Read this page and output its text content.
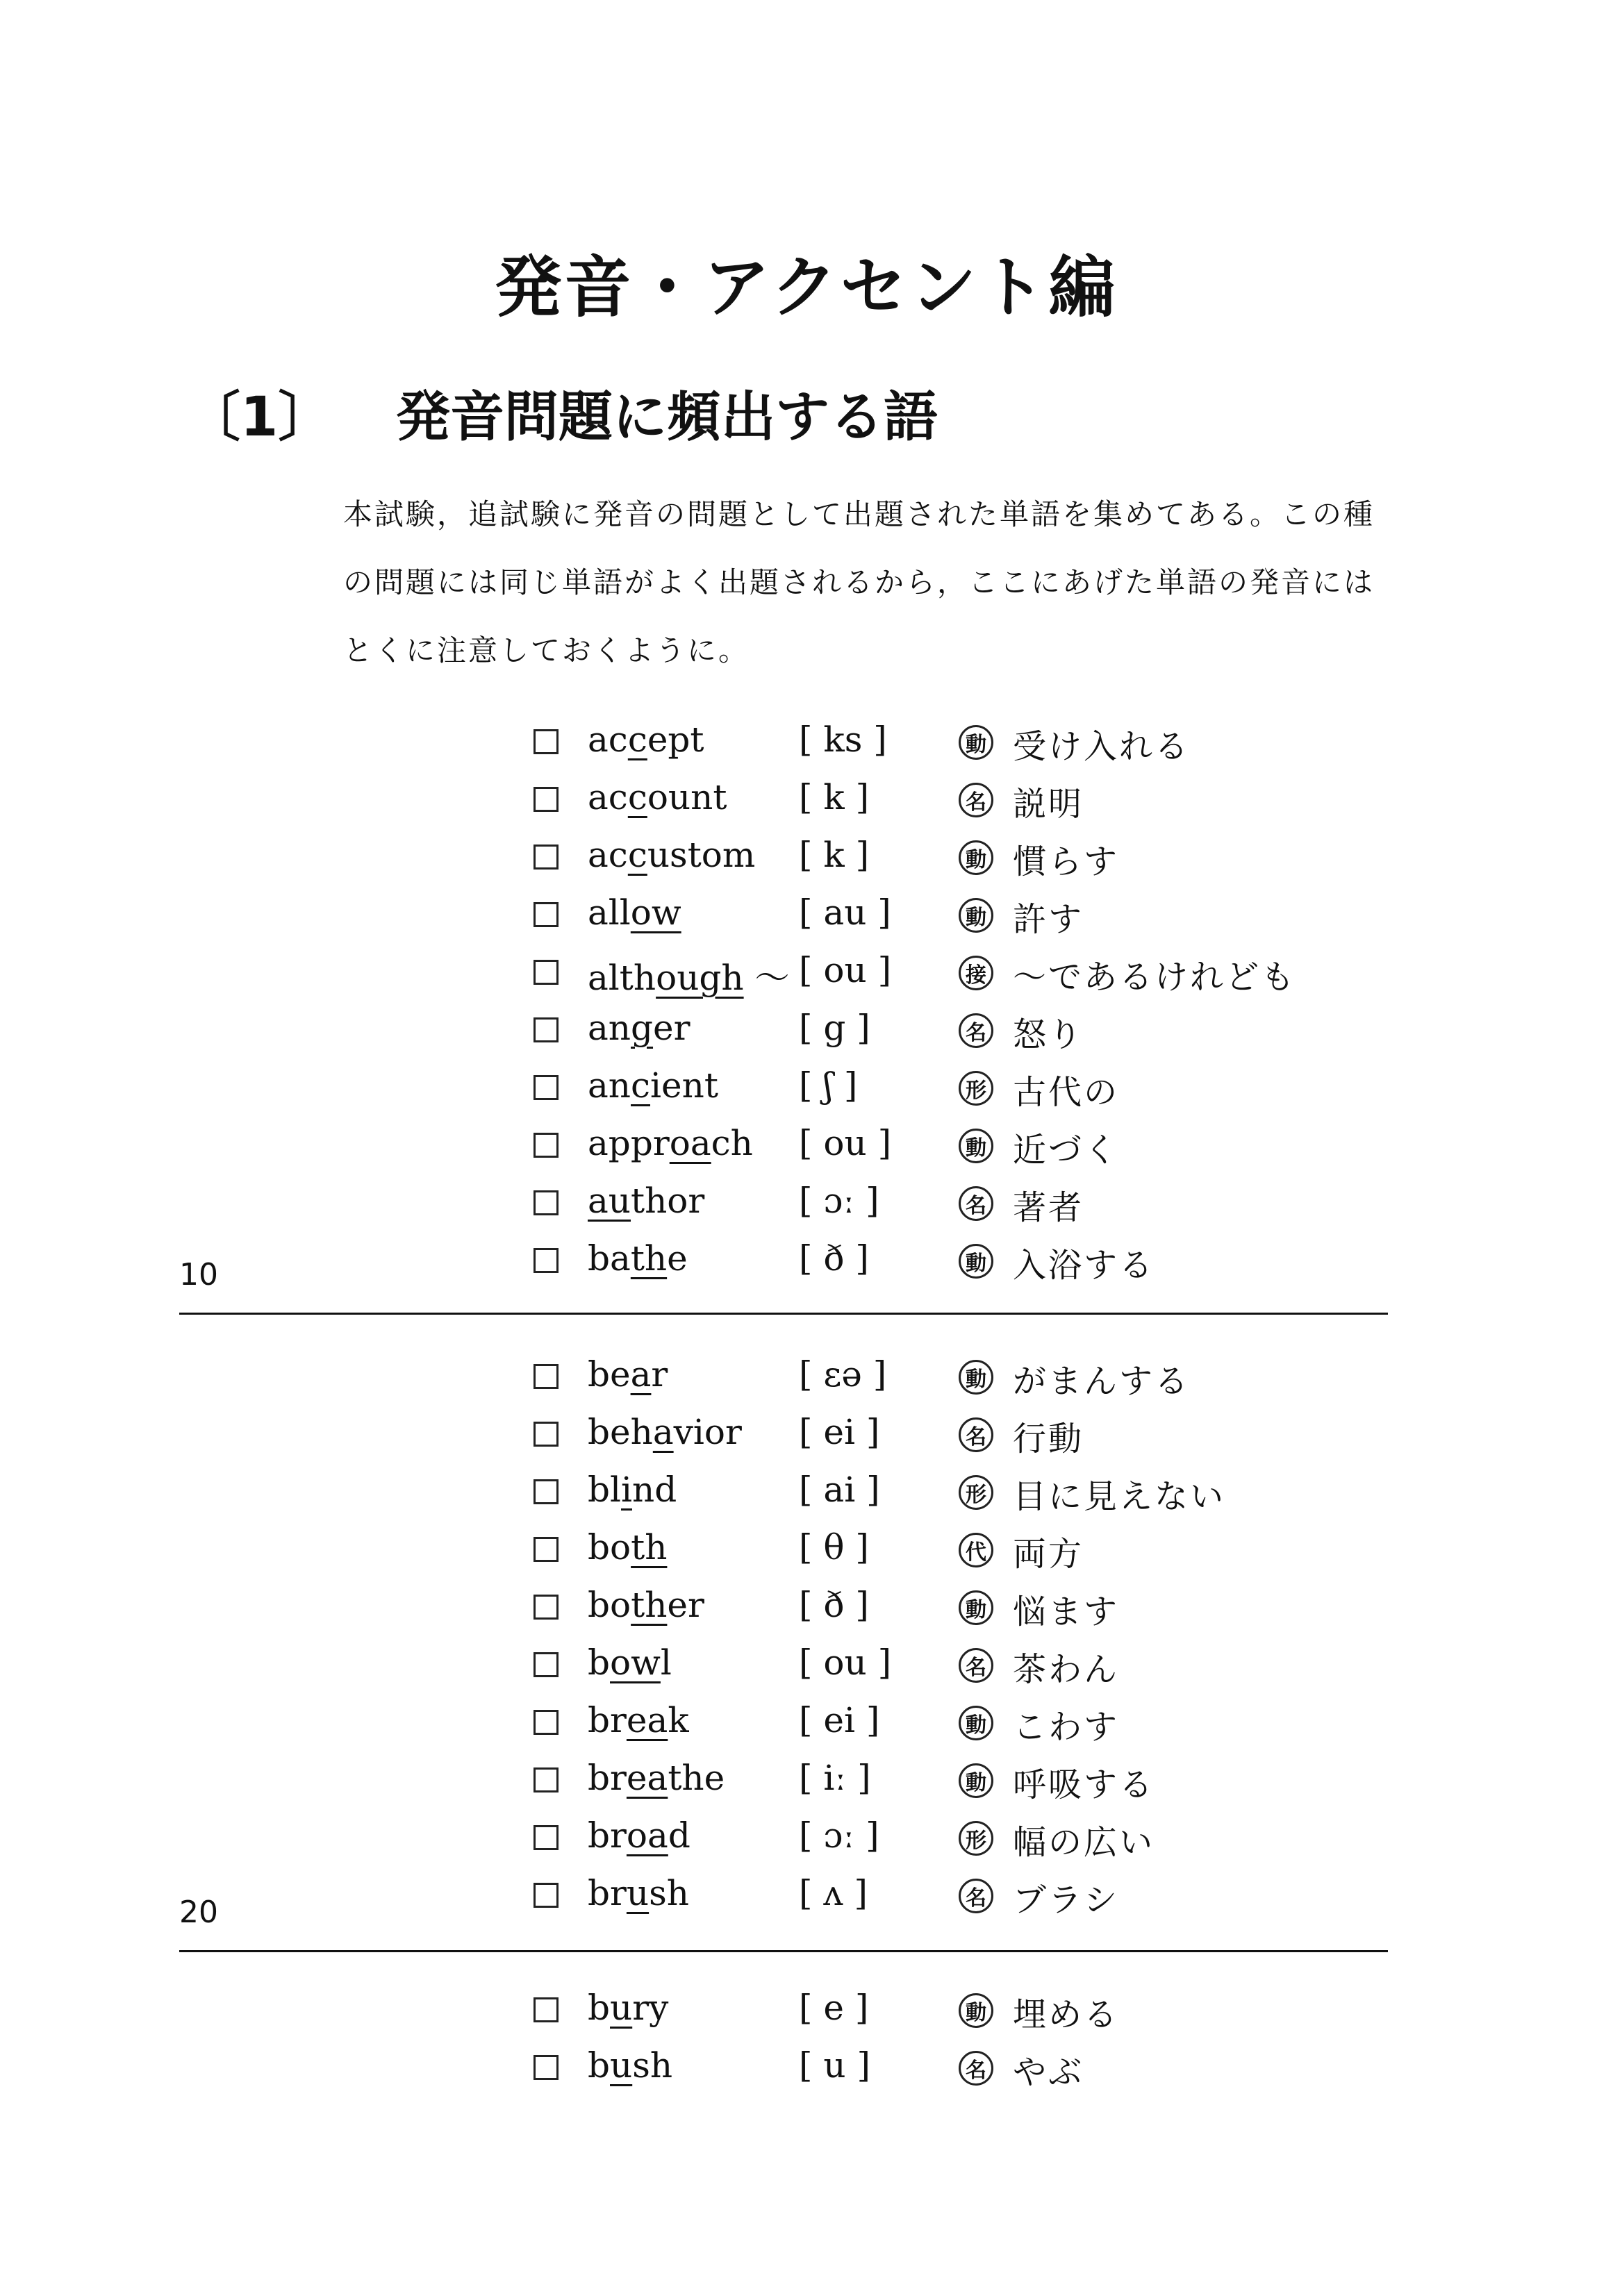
発音・アクセント編
〔1〕 発音問題に頻出する語
本試験，追試験に発音の問題として出題された単語を集めてある。この種の問題には同じ単語がよく出題されるから，ここにあげた単語の発音にはとくに注意しておくように。
10
20
accept	[ ks ]	動 受け入れる
account [ k ]	名 説明
accustom [ k ]	動 慣らす
allow	[ au ]	動 許す
although ～ [ ou ]	接 ～であるけれども
anger	[ g ]	名 怒り
ancient [ ʃ ]	形 古代の
approach [ ou ]	動 近づく
author	[ ɔː ]	名 著者
bathe	[ ð ]	動 入浴する
bear	[ ɛə ]	動 がまんする
behavior [ ei ]	名 行動
blind	[ ai ]	形 目に見えない
both	[ θ ]	代 両方
bother	[ ð ]	動 悩ます
bowl	[ ou ]	名 茶わん
break	[ ei ]	動 こわす
breathe [ iː ]	動 呼吸する
broad	[ ɔː ]	形 幅の広い
brush	[ ʌ ]	名 ブラシ
bury	[ e ]	動 埋める
bush	[ u ]	名 やぶ
